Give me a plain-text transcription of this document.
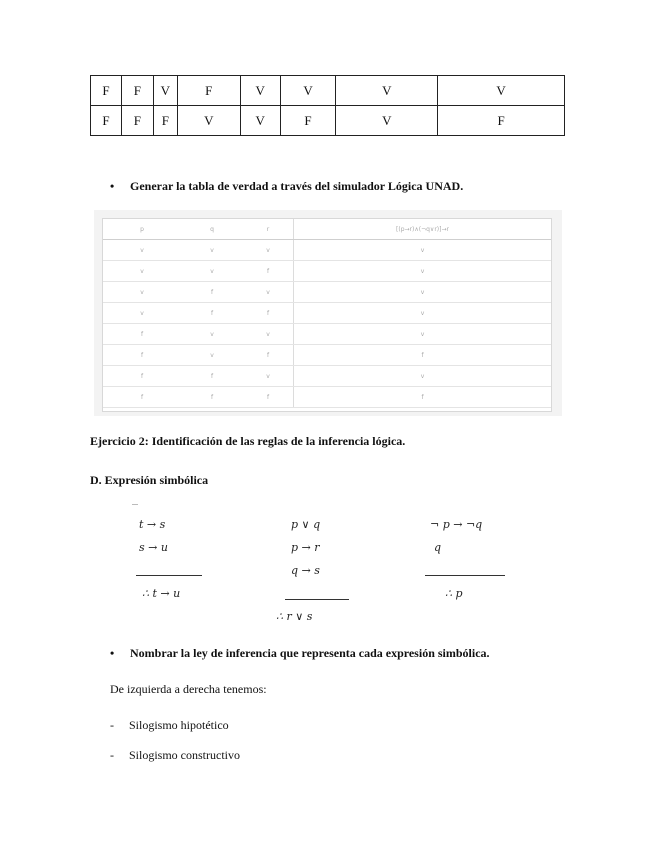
F	F	V	F	V	V	V	V
F	F	F	V	V	F	V	F
• Generar la tabla de verdad a través del simulador Lógica UNAD.
p	q	r	[(p→r)∧(¬q∨r)]→r
v	v	v	v
v	v	f	v
v	f	v	v
v	f	f	v
f	v	v	v
f	v	f	f
f	f	v	v
f	f	f	f
Ejercicio 2: Identificación de las reglas de la inferencia lógica.
D. Expresión simbólica
t → s
s → u
∴ t → u
p ∨ q
p → r
q → s
∴ r ∨ s
¬ p → ¬q
q
∴ p
• Nombrar la ley de inferencia que representa cada expresión simbólica.
De izquierda a derecha tenemos:
- Silogismo hipotético
- Silogismo constructivo
